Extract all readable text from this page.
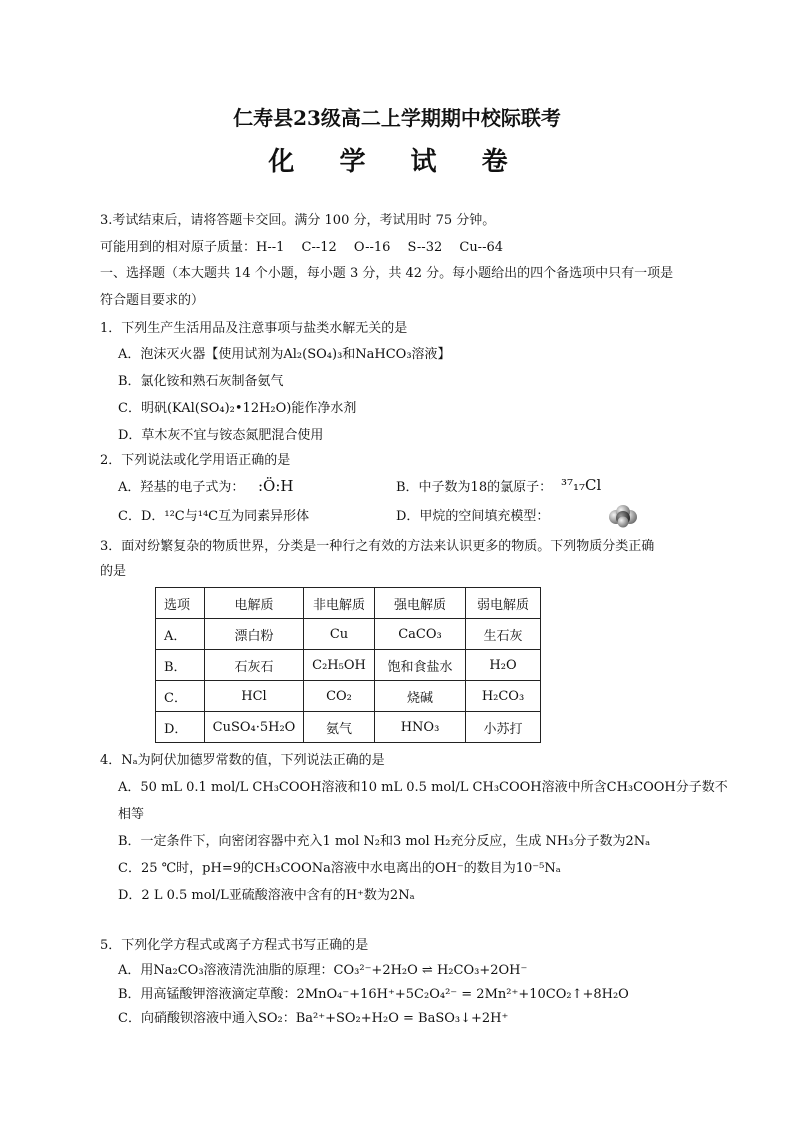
仁寿县23级高二上学期期中校际联考
化 学 试 卷
3.考试结束后，请将答题卡交回。满分 100 分，考试用时 75 分钟。
可能用到的相对原子质量：H--1　 C--12　 O--16　 S--32　 Cu--64
一、选择题（本大题共 14 个小题，每小题 3 分，共 42 分。每小题给出的四个备选项中只有一项是
符合题目要求的）
1．下列生产生活用品及注意事项与盐类水解无关的是
A．泡沫灭火器【使用试剂为Al₂(SO₄)₃和NaHCO₃溶液】
B．氯化铵和熟石灰制备氨气
C．明矾(KAl(SO₄)₂•12H₂O)能作净水剂
D．草木灰不宜与铵态氮肥混合使用
2．下列说法或化学用语正确的是
A．羟基的电子式为： :Ö:H	B．中子数为18的氯原子： ³⁷₁₇Cl
C．D．¹²C与¹⁴C互为同素异形体	D．甲烷的空间填充模型：
3．面对纷繁复杂的物质世界，分类是一种行之有效的方法来认识更多的物质。下列物质分类正确
的是
选项	电解质	非电解质	强电解质	弱电解质
A．	漂白粉	Cu	CaCO₃	生石灰
B．	石灰石	C₂H₅OH	饱和食盐水	H₂O
C．	HCl	CO₂	烧碱	H₂CO₃
D．	CuSO₄·5H₂O	氨气	HNO₃	小苏打
4．Nₐ为阿伏加德罗常数的值，下列说法正确的是
A．50 mL 0.1 mol/L CH₃COOH溶液和10 mL 0.5 mol/L CH₃COOH溶液中所含CH₃COOH分子数不
相等
B．一定条件下，向密闭容器中充入1 mol N₂和3 mol H₂充分反应，生成 NH₃分子数为2Nₐ
C．25 ℃时，pH=9的CH₃COONa溶液中水电离出的OH⁻的数目为10⁻⁵Nₐ
D．2 L 0.5 mol/L亚硫酸溶液中含有的H⁺数为2Nₐ
5．下列化学方程式或离子方程式书写正确的是
A．用Na₂CO₃溶液清洗油脂的原理：CO₃²⁻+2H₂O ⇌ H₂CO₃+2OH⁻
B．用高锰酸钾溶液滴定草酸：2MnO₄⁻+16H⁺+5C₂O₄²⁻ = 2Mn²⁺+10CO₂↑+8H₂O
C．向硝酸钡溶液中通入SO₂：Ba²⁺+SO₂+H₂O = BaSO₃↓+2H⁺
